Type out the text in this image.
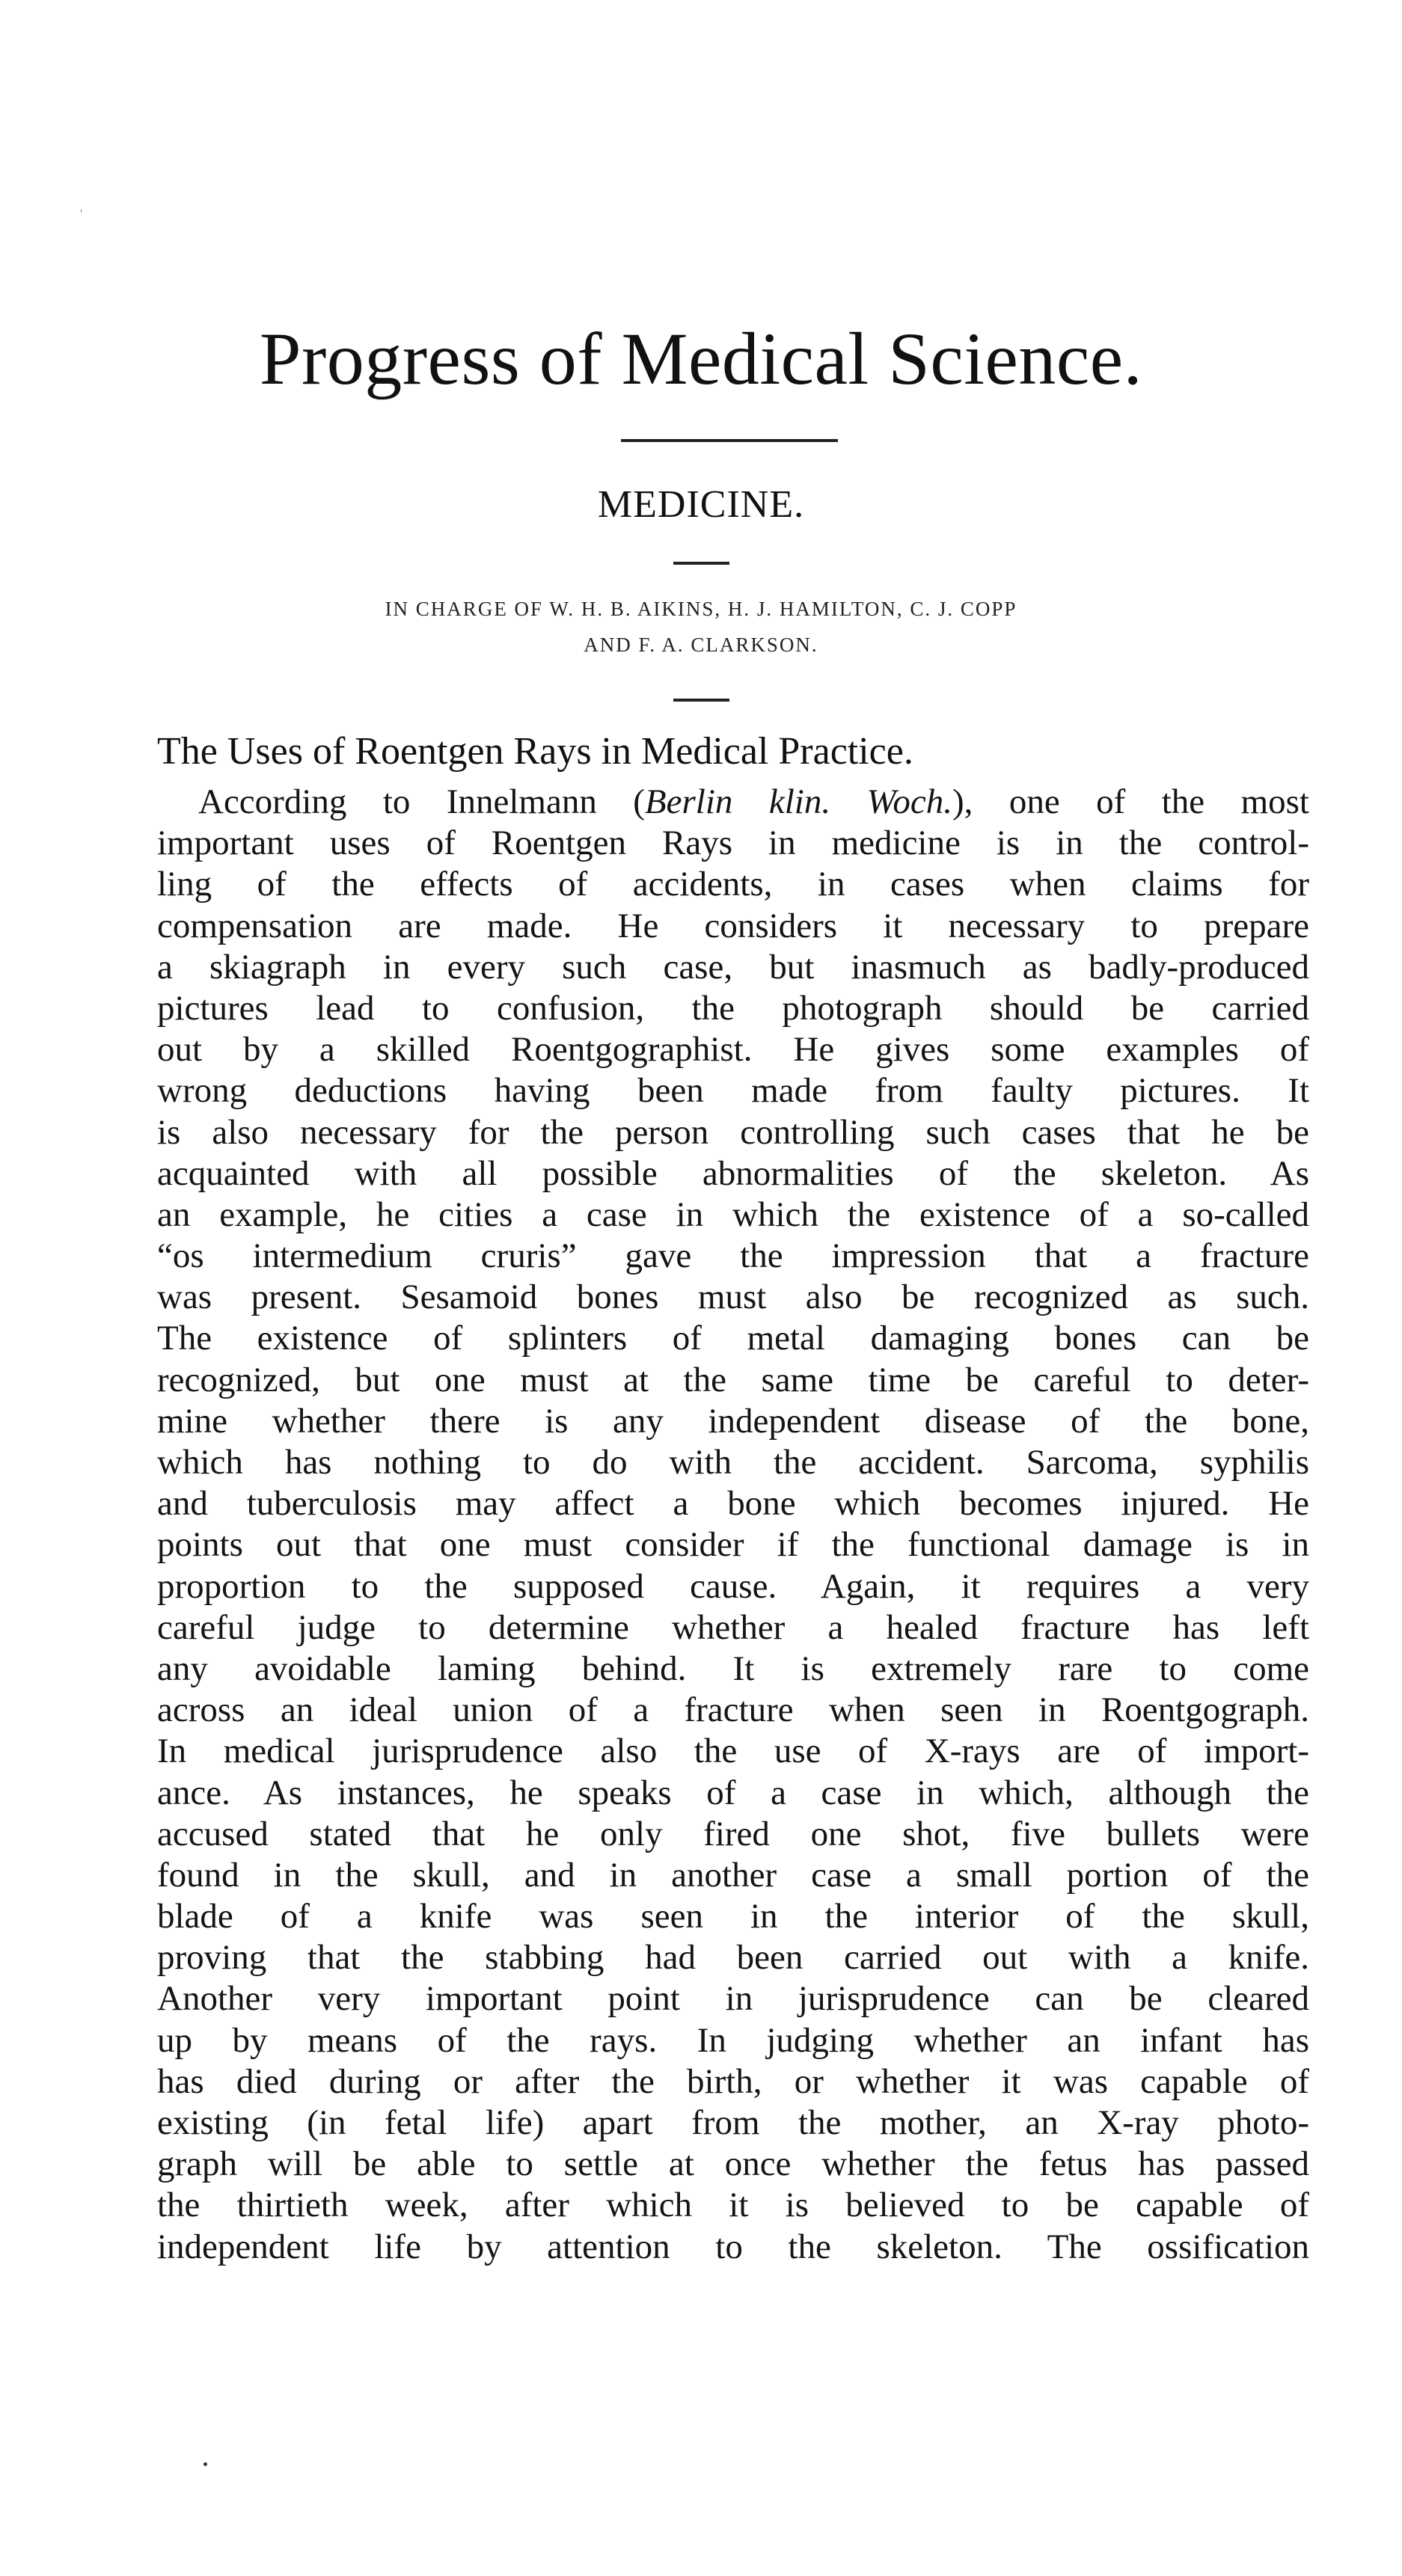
Progress of Medical Science.
MEDICINE.
IN CHARGE OF W. H. B. AIKINS, H. J. HAMILTON, C. J. COPP
AND F. A. CLARKSON.
The Uses of Roentgen Rays in Medical Practice.
According to Innelmann (Berlin klin. Woch.), one of the most
important uses of Roentgen Rays in medicine is in the control-
ling of the effects of accidents, in cases when claims for
compensation are made. He considers it necessary to prepare
a skiagraph in every such case, but inasmuch as badly-produced
pictures lead to confusion, the photograph should be carried
out by a skilled Roentgographist. He gives some examples of
wrong deductions having been made from faulty pictures. It
is also necessary for the person controlling such cases that he be
acquainted with all possible abnormalities of the skeleton. As
an example, he cities a case in which the existence of a so-called
“os intermedium cruris” gave the impression that a fracture
was present. Sesamoid bones must also be recognized as such.
The existence of splinters of metal damaging bones can be
recognized, but one must at the same time be careful to deter-
mine whether there is any independent disease of the bone,
which has nothing to do with the accident. Sarcoma, syphilis
and tuberculosis may affect a bone which becomes injured. He
points out that one must consider if the functional damage is in
proportion to the supposed cause. Again, it requires a very
careful judge to determine whether a healed fracture has left
any avoidable laming behind. It is extremely rare to come
across an ideal union of a fracture when seen in Roentgograph.
In medical jurisprudence also the use of X-rays are of import-
ance. As instances, he speaks of a case in which, although the
accused stated that he only fired one shot, five bullets were
found in the skull, and in another case a small portion of the
blade of a knife was seen in the interior of the skull,
proving that the stabbing had been carried out with a knife.
Another very important point in jurisprudence can be cleared
up by means of the rays. In judging whether an infant has
has died during or after the birth, or whether it was capable of
existing (in fetal life) apart from the mother, an X-ray photo-
graph will be able to settle at once whether the fetus has passed
the thirtieth week, after which it is believed to be capable of
independent life by attention to the skeleton. The ossification
